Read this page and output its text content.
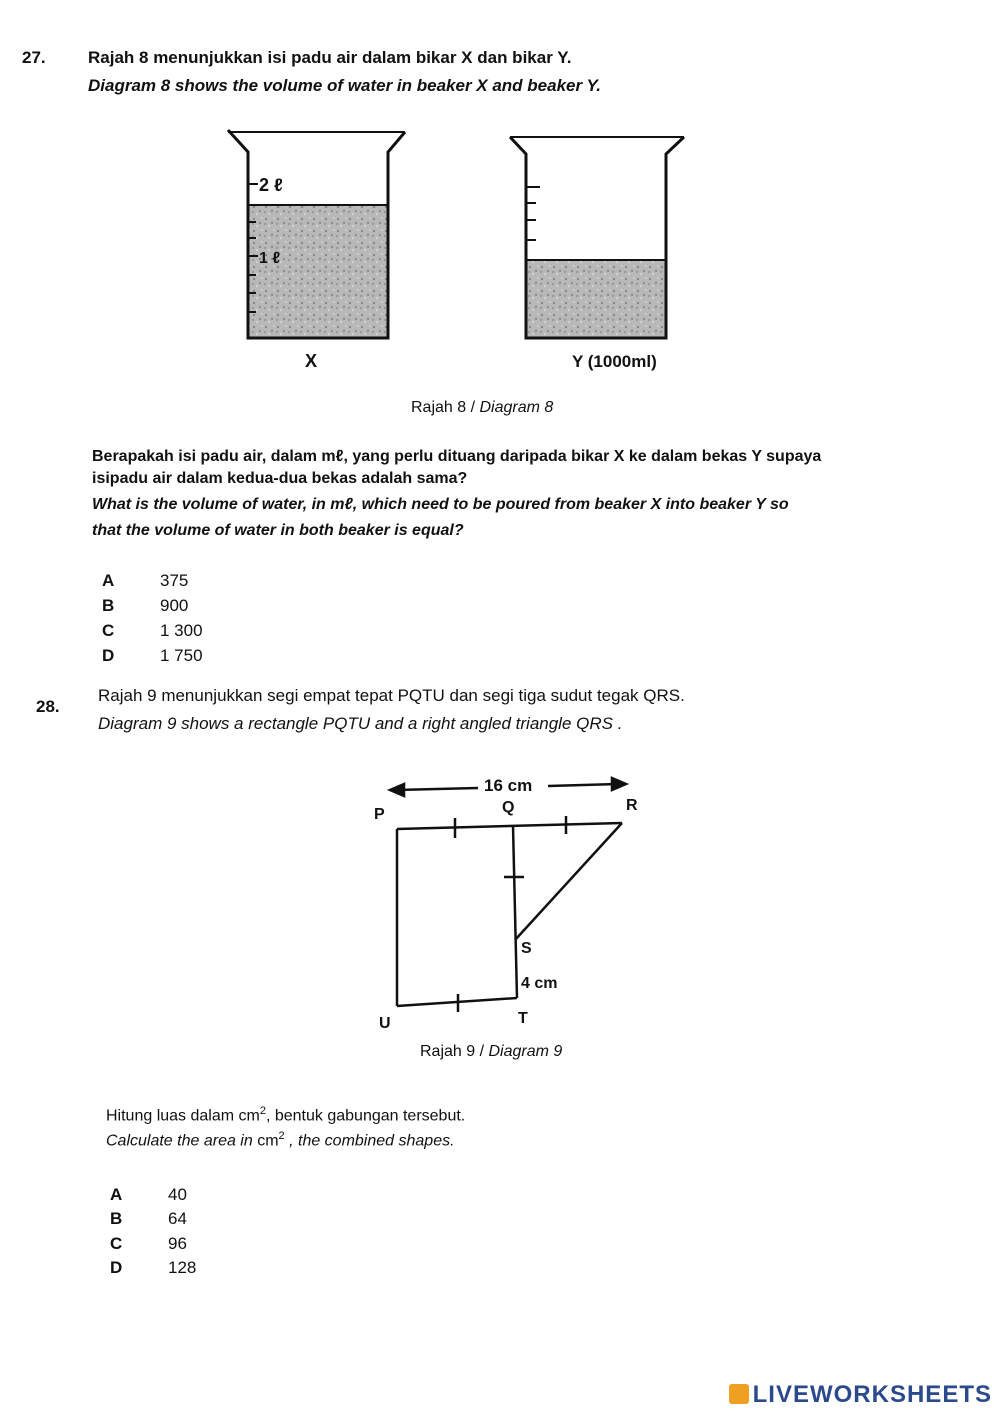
27. Rajah 8 menunjukkan isi padu air dalam bikar X dan bikar Y.
Diagram 8 shows the volume of water in beaker X and beaker Y.
2 ℓ
1 ℓ
X	Y (1000ml)
Rajah 8 / Diagram 8
Berapakah isi padu air, dalam mℓ, yang perlu dituang daripada bikar X ke dalam bekas Y supaya
isipadu air dalam kedua-dua bekas adalah sama?
What is the volume of water, in mℓ, which need to be poured from beaker X into beaker Y so
that the volume of water in both beaker is equal?
A	375
B	900
C	1 300
D	1 750
28.
Rajah 9 menunjukkan segi empat tepat PQTU dan segi tiga sudut tegak QRS.
Diagram 9 shows a rectangle PQTU and a right angled triangle QRS .
16 cm
P	Q	R
S
4 cm
U	T
Rajah 9 / Diagram 9
Hitung luas dalam $cm^2$, bentuk gabungan tersebut.
Calculate the area in $cm^2$ , the combined shapes.
A	40
B	64
C	96
D	128
LIVEWORKSHEETS
